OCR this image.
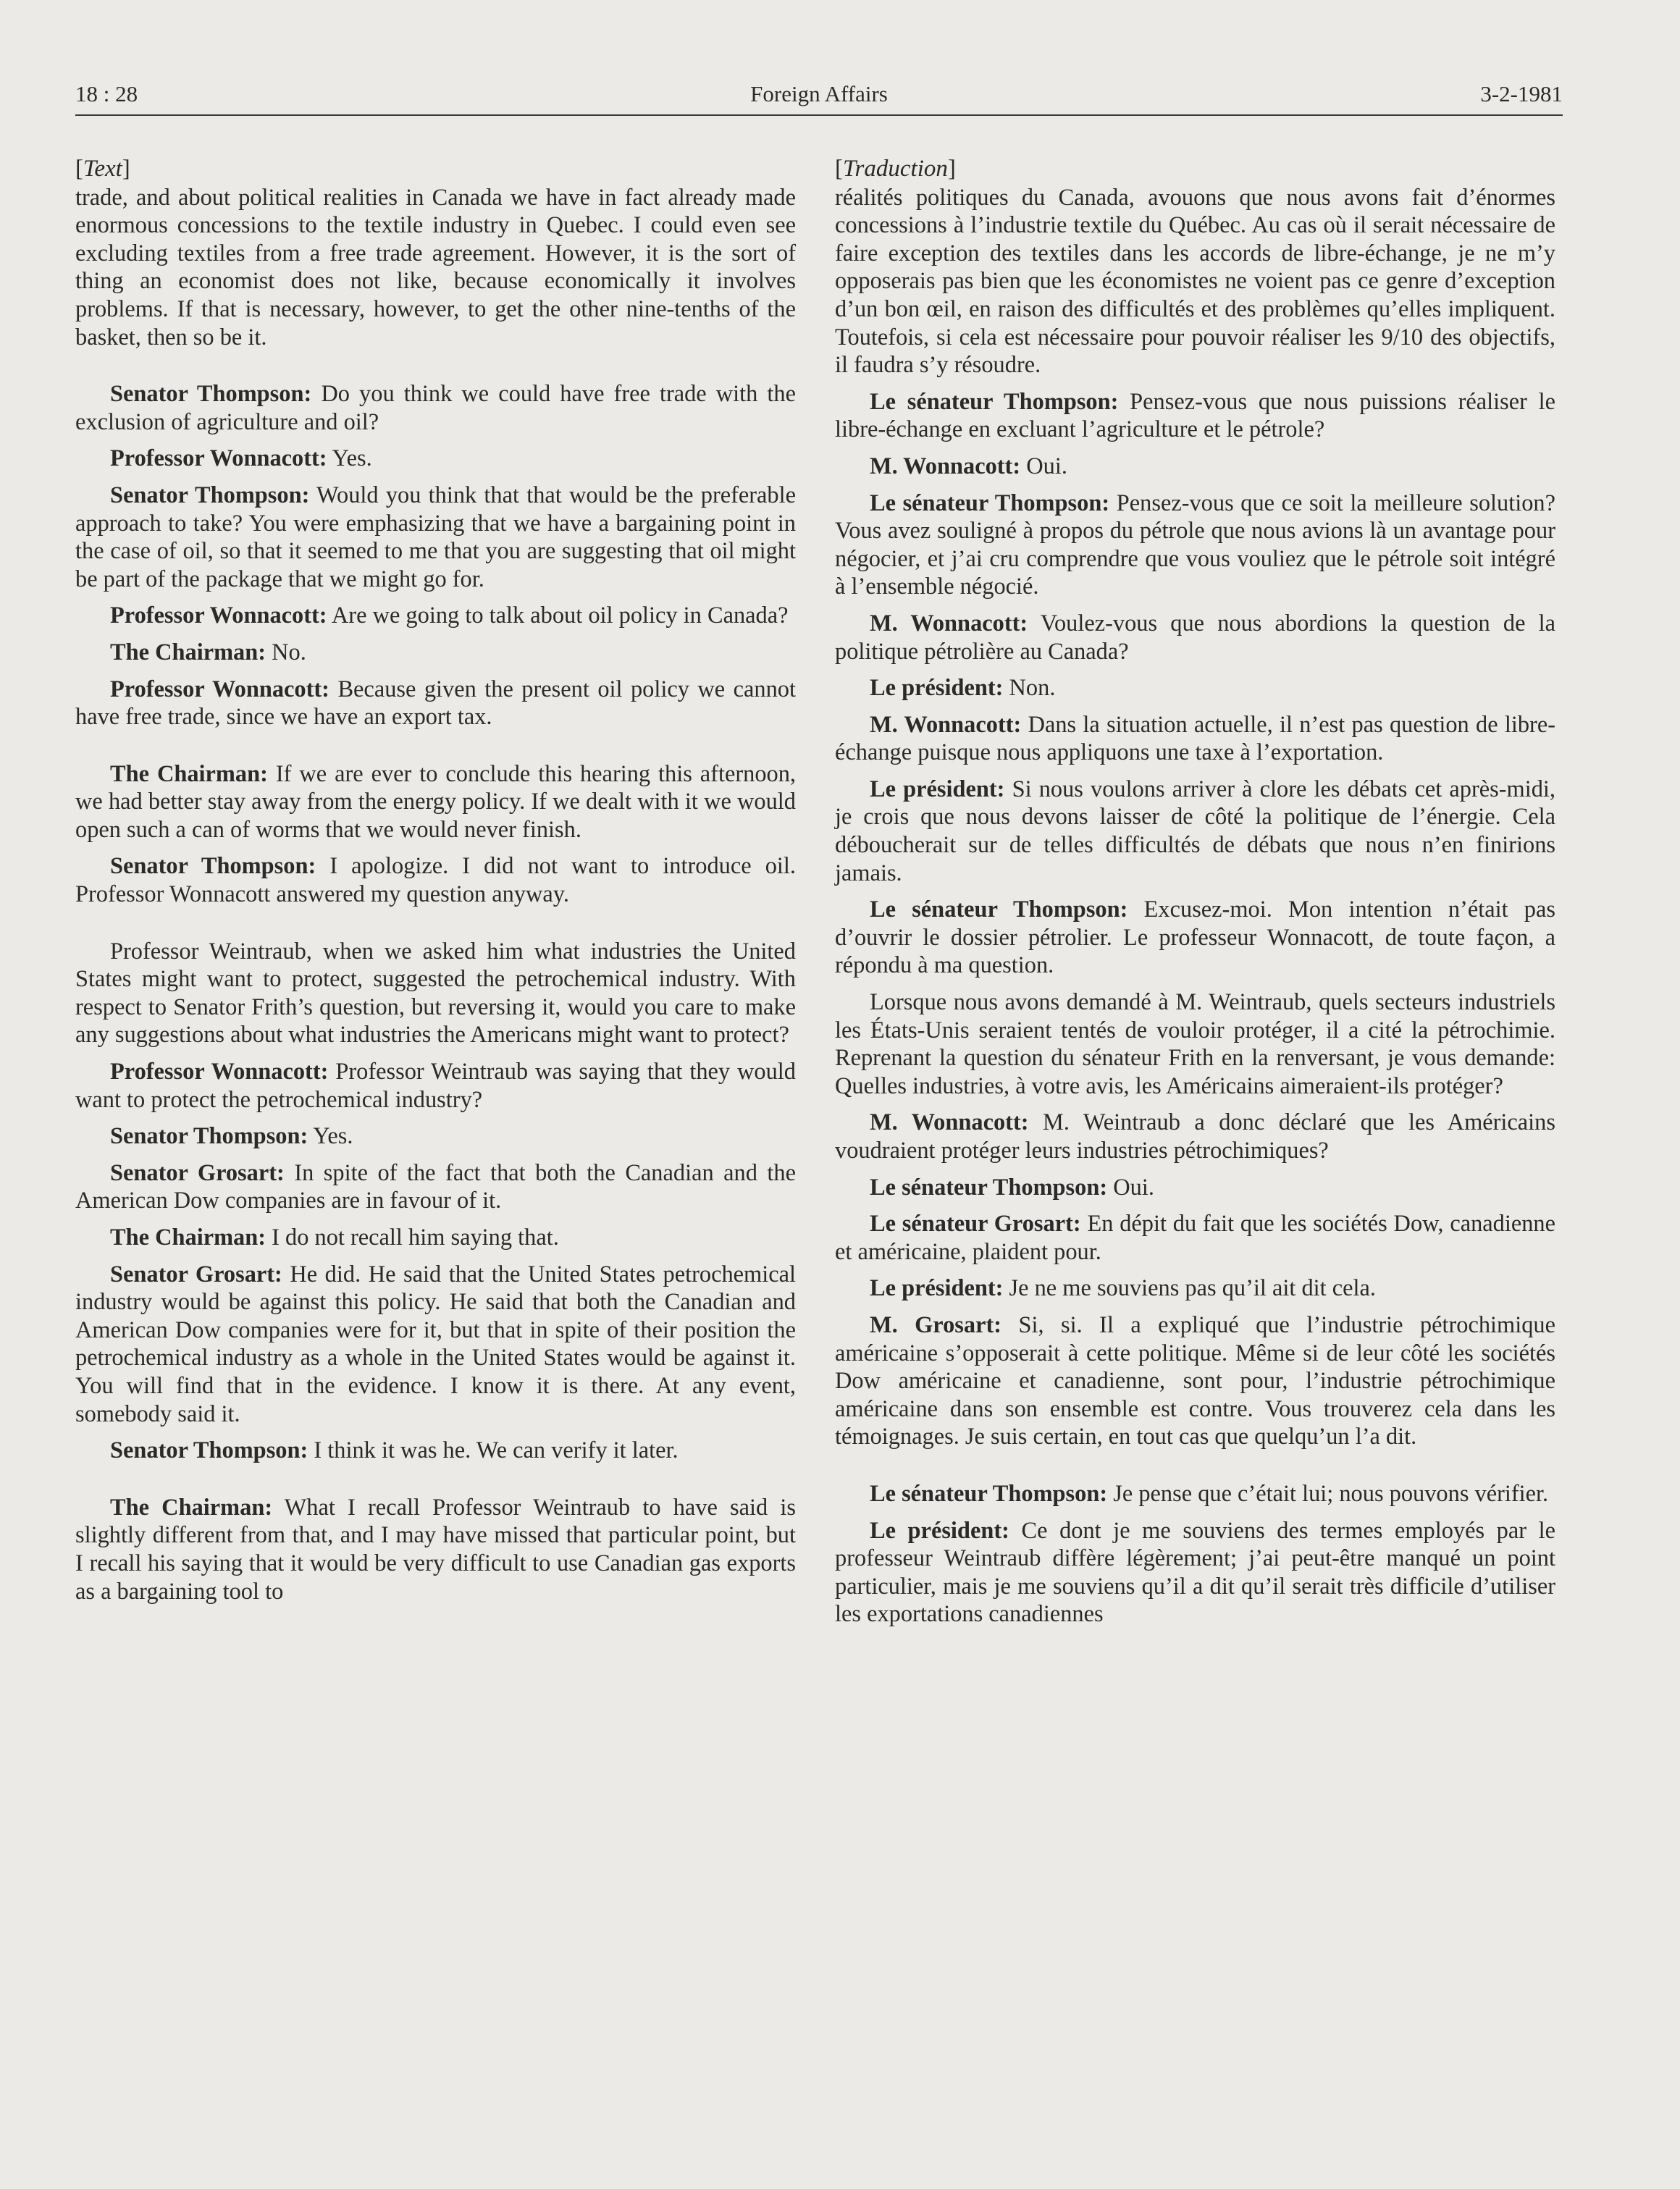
18 : 28	Foreign Affairs	3-2-1981
[Text]

trade, and about political realities in Canada we have in fact already made enormous concessions to the textile industry in Quebec. I could even see excluding textiles from a free trade agreement. However, it is the sort of thing an economist does not like, because economically it involves problems. If that is necessary, however, to get the other nine-tenths of the basket, then so be it.

Senator Thompson: Do you think we could have free trade with the exclusion of agriculture and oil?

Professor Wonnacott: Yes.

Senator Thompson: Would you think that that would be the preferable approach to take? You were emphasizing that we have a bargaining point in the case of oil, so that it seemed to me that you are suggesting that oil might be part of the package that we might go for.

Professor Wonnacott: Are we going to talk about oil policy in Canada?

The Chairman: No.

Professor Wonnacott: Because given the present oil policy we cannot have free trade, since we have an export tax.

The Chairman: If we are ever to conclude this hearing this afternoon, we had better stay away from the energy policy. If we dealt with it we would open such a can of worms that we would never finish.

Senator Thompson: I apologize. I did not want to introduce oil. Professor Wonnacott answered my question anyway.

Professor Weintraub, when we asked him what industries the United States might want to protect, suggested the petrochemical industry. With respect to Senator Frith’s question, but reversing it, would you care to make any suggestions about what industries the Americans might want to protect?

Professor Wonnacott: Professor Weintraub was saying that they would want to protect the petrochemical industry?

Senator Thompson: Yes.

Senator Grosart: In spite of the fact that both the Canadian and the American Dow companies are in favour of it.

The Chairman: I do not recall him saying that.

Senator Grosart: He did. He said that the United States petrochemical industry would be against this policy. He said that both the Canadian and American Dow companies were for it, but that in spite of their position the petrochemical industry as a whole in the United States would be against it. You will find that in the evidence. I know it is there. At any event, somebody said it.

Senator Thompson: I think it was he. We can verify it later.

The Chairman: What I recall Professor Weintraub to have said is slightly different from that, and I may have missed that particular point, but I recall his saying that it would be very difficult to use Canadian gas exports as a bargaining tool to

[Traduction]

réalités politiques du Canada, avouons que nous avons fait d’énormes concessions à l’industrie textile du Québec. Au cas où il serait nécessaire de faire exception des textiles dans les accords de libre-échange, je ne m’y opposerais pas bien que les économistes ne voient pas ce genre d’exception d’un bon œil, en raison des difficultés et des problèmes qu’elles impliquent. Toutefois, si cela est nécessaire pour pouvoir réaliser les 9/10 des objectifs, il faudra s’y résoudre.

Le sénateur Thompson: Pensez-vous que nous puissions réaliser le libre-échange en excluant l’agriculture et le pétrole?

M. Wonnacott: Oui.

Le sénateur Thompson: Pensez-vous que ce soit la meilleure solution? Vous avez souligné à propos du pétrole que nous avions là un avantage pour négocier, et j’ai cru comprendre que vous vouliez que le pétrole soit intégré à l’ensemble négocié.

M. Wonnacott: Voulez-vous que nous abordions la question de la politique pétrolière au Canada?

Le président: Non.

M. Wonnacott: Dans la situation actuelle, il n’est pas question de libre-échange puisque nous appliquons une taxe à l’exportation.

Le président: Si nous voulons arriver à clore les débats cet après-midi, je crois que nous devons laisser de côté la politique de l’énergie. Cela déboucherait sur de telles difficultés de débats que nous n’en finirions jamais.

Le sénateur Thompson: Excusez-moi. Mon intention n’était pas d’ouvrir le dossier pétrolier. Le professeur Wonnacott, de toute façon, a répondu à ma question.

Lorsque nous avons demandé à M. Weintraub, quels secteurs industriels les États-Unis seraient tentés de vouloir protéger, il a cité la pétrochimie. Reprenant la question du sénateur Frith en la renversant, je vous demande: Quelles industries, à votre avis, les Américains aimeraient-ils protéger?

M. Wonnacott: M. Weintraub a donc déclaré que les Américains voudraient protéger leurs industries pétrochimiques?

Le sénateur Thompson: Oui.

Le sénateur Grosart: En dépit du fait que les sociétés Dow, canadienne et américaine, plaident pour.

Le président: Je ne me souviens pas qu’il ait dit cela.

M. Grosart: Si, si. Il a expliqué que l’industrie pétrochimique américaine s’opposerait à cette politique. Même si de leur côté les sociétés Dow américaine et canadienne, sont pour, l’industrie pétrochimique américaine dans son ensemble est contre. Vous trouverez cela dans les témoignages. Je suis certain, en tout cas que quelqu’un l’a dit.

Le sénateur Thompson: Je pense que c’était lui; nous pouvons vérifier.

Le président: Ce dont je me souviens des termes employés par le professeur Weintraub diffère légèrement; j’ai peut-être manqué un point particulier, mais je me souviens qu’il a dit qu’il serait très difficile d’utiliser les exportations canadiennes
